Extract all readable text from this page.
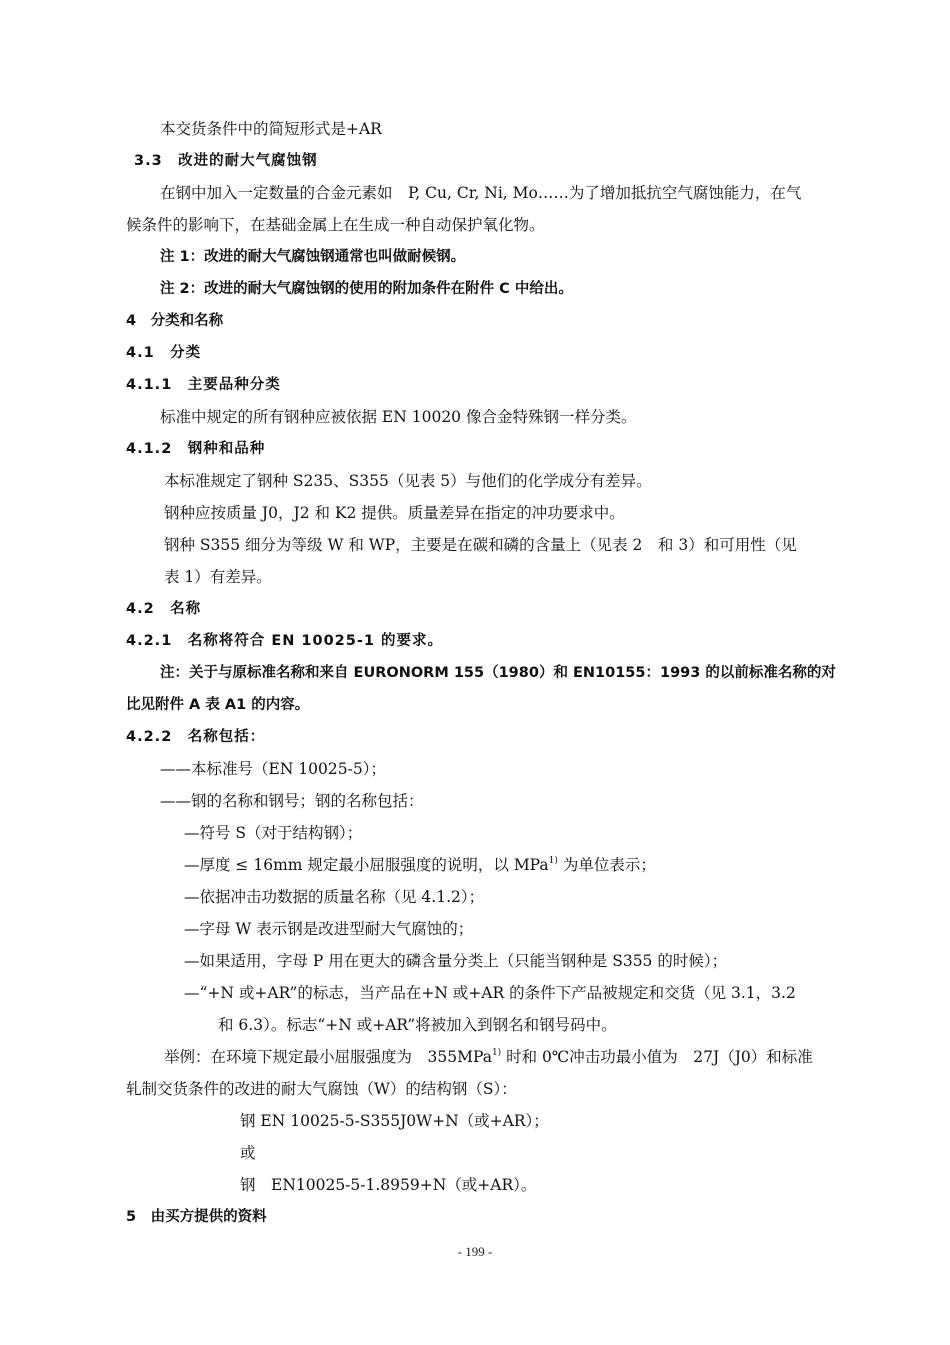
本交货条件中的简短形式是+AR
3.3　改进的耐大气腐蚀钢
在钢中加入一定数量的合金元素如　P, Cu, Cr, Ni, Mo……为了增加抵抗空气腐蚀能力，在气
候条件的影响下，在基础金属上在生成一种自动保护氧化物。
注 1：改进的耐大气腐蚀钢通常也叫做耐候钢。
注 2：改进的耐大气腐蚀钢的使用的附加条件在附件 C 中给出。
4　分类和名称
4.1　分类
4.1.1　主要品种分类
标准中规定的所有钢种应被依据 EN 10020 像合金特殊钢一样分类。
4.1.2　钢种和品种
本标准规定了钢种 S235、S355（见表 5）与他们的化学成分有差异。
钢种应按质量 J0，J2 和 K2 提供。质量差异在指定的冲功要求中。
钢种 S355 细分为等级 W 和 WP，主要是在碳和磷的含量上（见表 2　和 3）和可用性（见
表 1）有差异。
4.2　名称
4.2.1　名称将符合 EN 10025-1 的要求。
注：关于与原标准名称和来自 EURONORM 155（1980）和 EN10155：1993 的以前标准名称的对
比见附件 A 表 A1 的内容。
4.2.2　名称包括：
——本标准号（EN 10025-5）；
——钢的名称和钢号；钢的名称包括：
—符号 S（对于结构钢）；
—厚度 ≤ 16mm 规定最小屈服强度的说明，以 MPa$^{1)}$ 为单位表示；
—依据冲击功数据的质量名称（见 4.1.2）；
—字母 W 表示钢是改进型耐大气腐蚀的；
—如果适用，字母 P 用在更大的磷含量分类上（只能当钢种是 S355 的时候）；
—“+N 或+AR”的标志，当产品在+N 或+AR 的条件下产品被规定和交货（见 3.1，3.2
和 6.3）。标志“+N 或+AR”将被加入到钢名和钢号码中。
举例：在环境下规定最小屈服强度为　355MPa$^{1)}$ 时和 0℃冲击功最小值为　27J（J0）和标准
轧制交货条件的改进的耐大气腐蚀（W）的结构钢（S）：
钢 EN 10025-5-S355J0W+N（或+AR）；
或
钢　EN10025-5-1.8959+N（或+AR）。
5　由买方提供的资料
- 199 -
